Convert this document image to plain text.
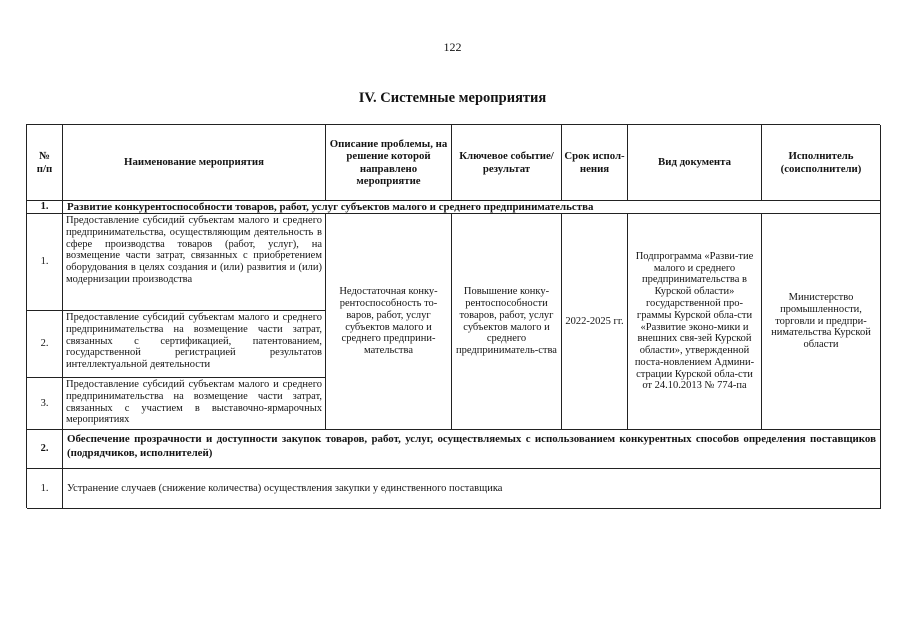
122
IV. Системные мероприятия
№
п/п
Наименование мероприятия
Описание проблемы, на решение которой направлено мероприятие
Ключевое событие/ результат
Срок испол-нения
Вид документа
Исполнитель (соисполнители)
1.	Развитие конкурентоспособности товаров, работ, услуг субъектов малого и среднего предпринимательства
1.
Предоставление субсидий субъектам малого и среднего предпринимательства, осуществляющим деятельность в сфере производства товаров (работ, услуг), на возмещение части затрат, связанных с приобретением оборудования в целях создания и (или) развития и (или) модернизации производства
2.
Предоставление субсидий субъектам малого и среднего предпринимательства на возмещение части затрат, связанных с сертификацией, патентованием, государственной регистрацией результатов интеллектуальной деятельности
3.
Предоставление субсидий субъектам малого и среднего предпринимательства на возмещение части затрат, связанных с участием в выставочно-ярмарочных мероприятиях
Недостаточная конку-рентоспособность то-варов, работ, услуг субъектов малого и среднего предприни-мательства
Повышение конку-рентоспособности товаров, работ, услуг субъектов малого и среднего предприниматель-ства
2022-2025 гг.
Подпрограмма «Разви-тие малого и среднего предпринимательства в Курской области» государственной про-граммы Курской обла-сти «Развитие эконо-мики и внешних свя-зей Курской области», утвержденной поста-новлением Админи-страции Курской обла-сти от 24.10.2013 № 774-па
Министерство промышленности, торговли и предпри-нимательства Курской области
2.
Обеспечение прозрачности и доступности закупок товаров, работ, услуг, осуществляемых с использованием конкурентных способов определения поставщиков (подрядчиков, исполнителей)
1.	Устранение случаев (снижение количества) осуществления закупки у единственного поставщика
